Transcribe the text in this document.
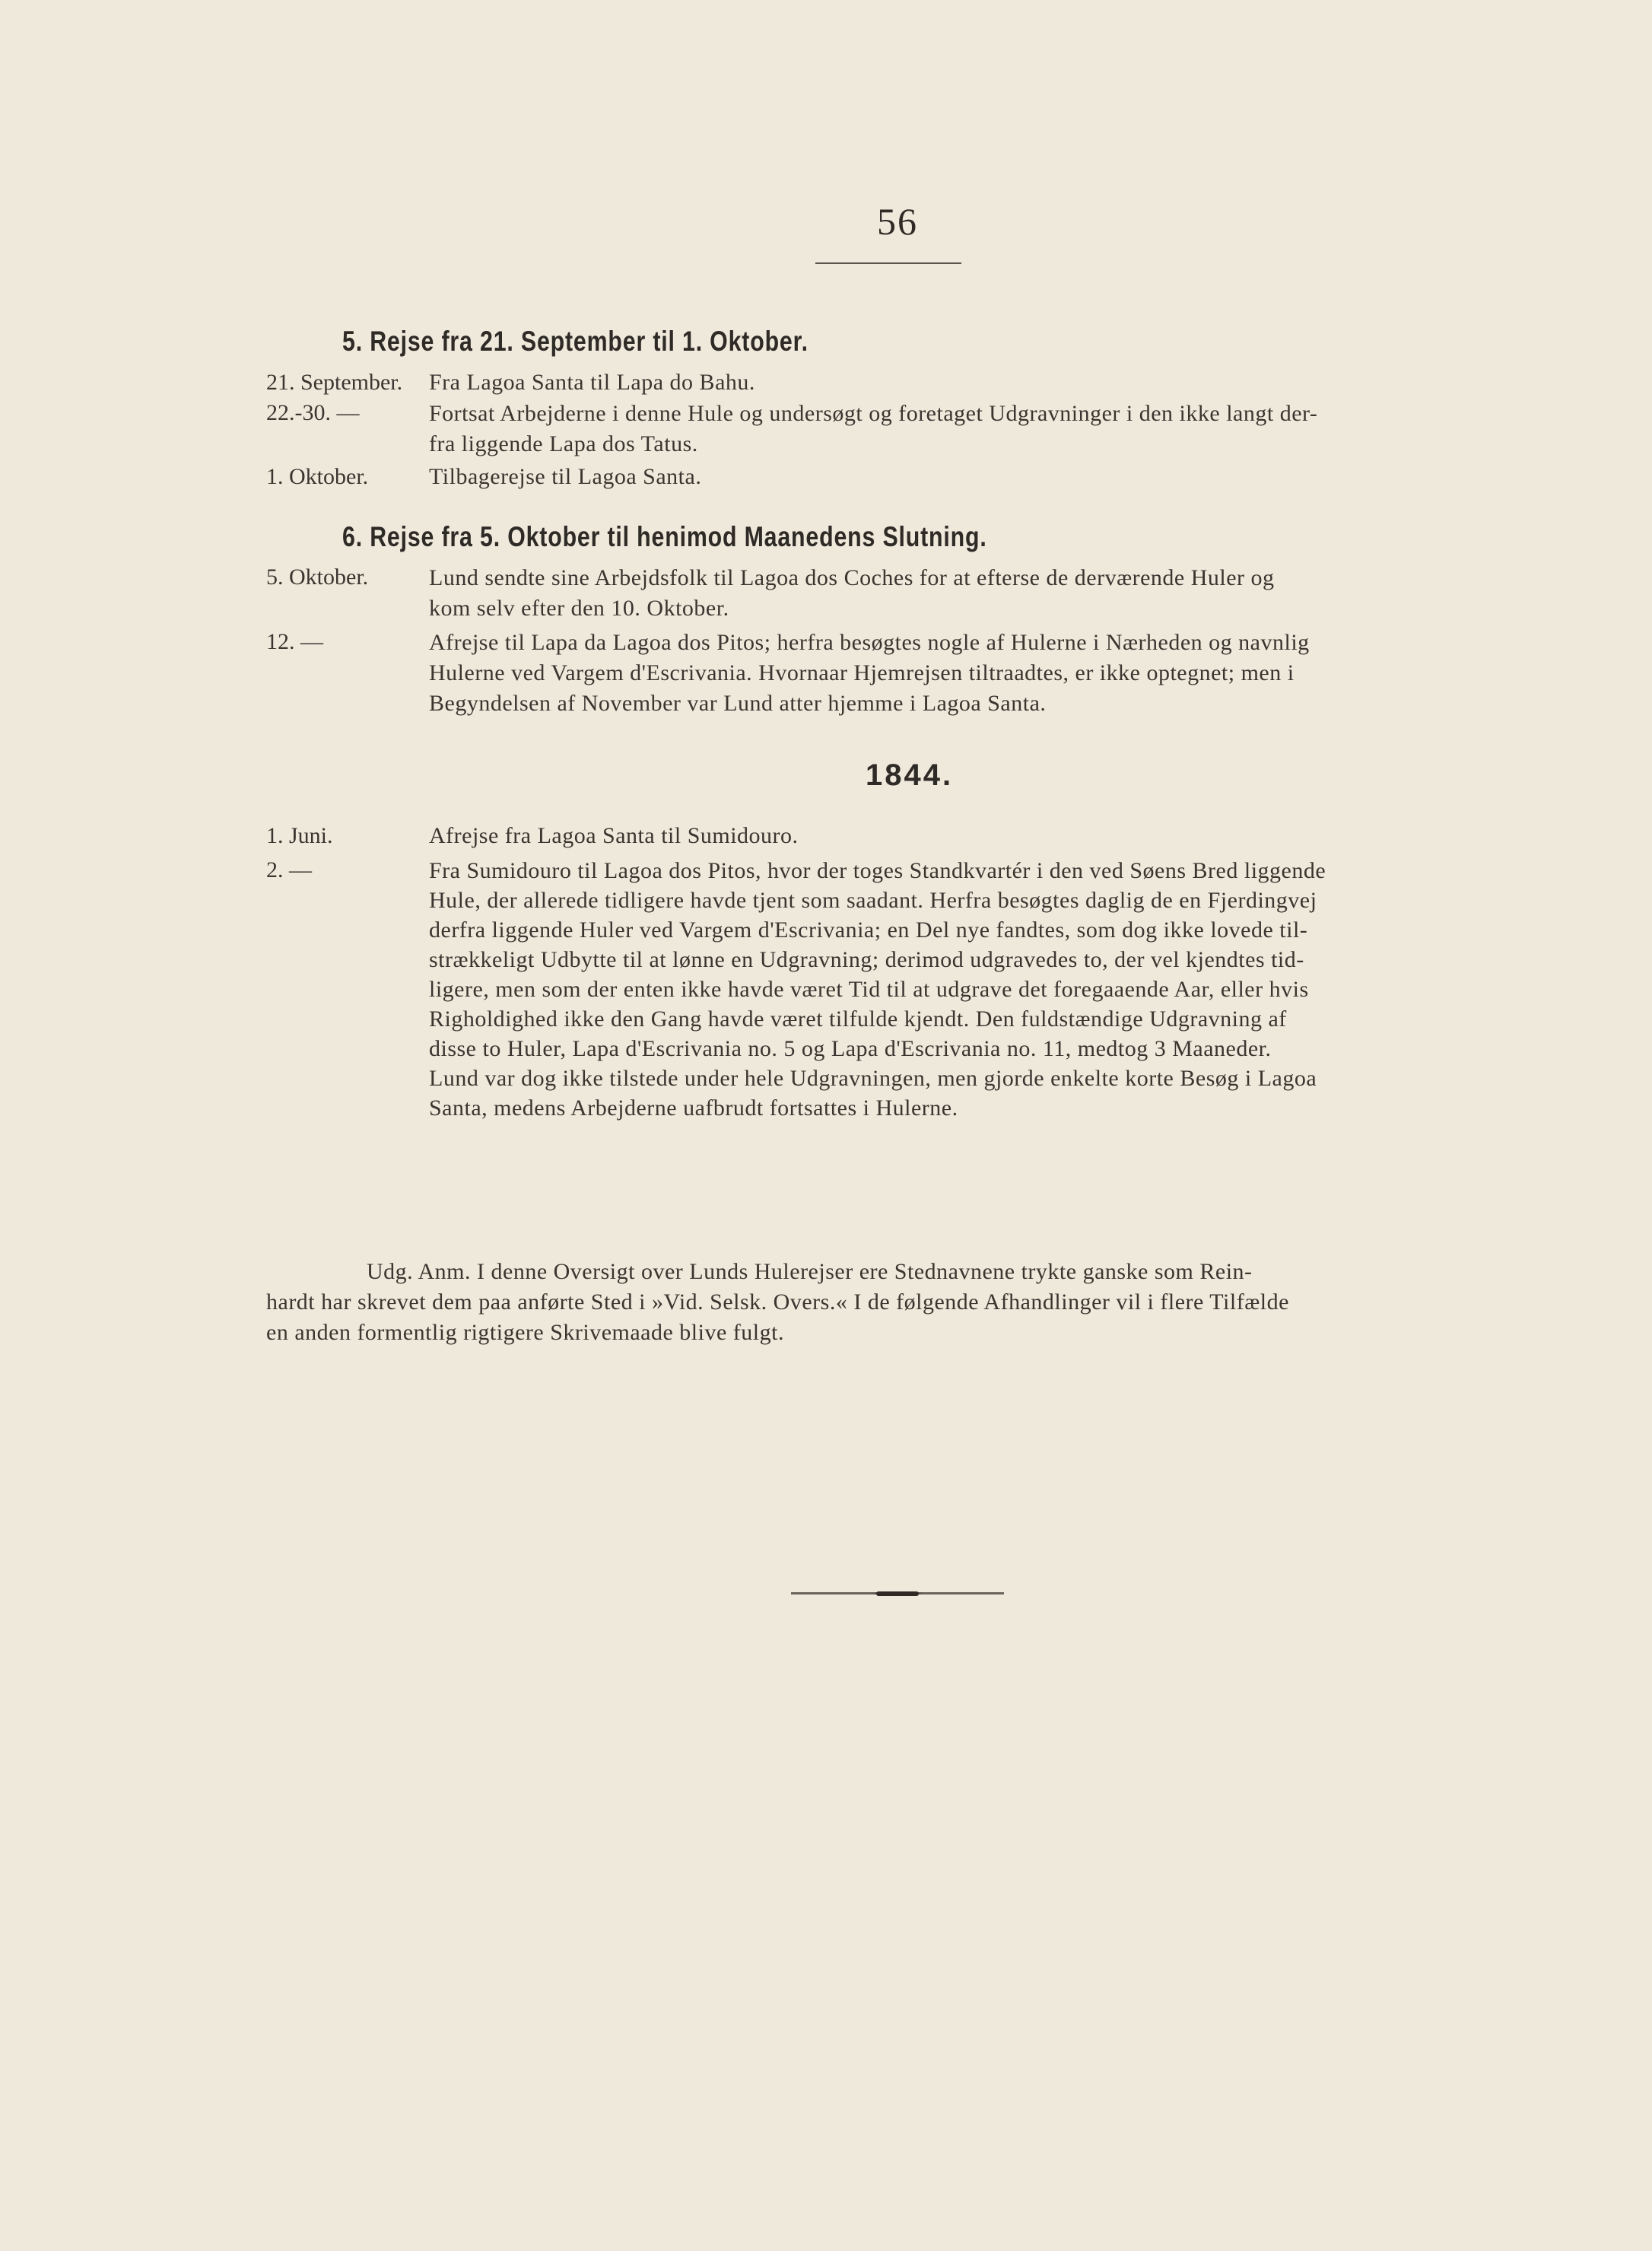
56
5. Rejse fra 21. September til 1. Oktober.
21. September.	Fra Lagoa Santa til Lapa do Bahu.
22.-30. —	Fortsat Arbejderne i denne Hule og undersøgt og foretaget Udgravninger i den ikke langt der-
fra liggende Lapa dos Tatus.
1. Oktober.	Tilbagerejse til Lagoa Santa.
6. Rejse fra 5. Oktober til henimod Maanedens Slutning.
5. Oktober.	Lund sendte sine Arbejdsfolk til Lagoa dos Coches for at efterse de derværende Huler og
kom selv efter den 10. Oktober.
12. —	Afrejse til Lapa da Lagoa dos Pitos; herfra besøgtes nogle af Hulerne i Nærheden og navnlig
Hulerne ved Vargem d'Escrivania. Hvornaar Hjemrejsen tiltraadtes, er ikke optegnet; men i
Begyndelsen af November var Lund atter hjemme i Lagoa Santa.
1844.
1. Juni.	Afrejse fra Lagoa Santa til Sumidouro.
2. —	Fra Sumidouro til Lagoa dos Pitos, hvor der toges Standkvartér i den ved Søens Bred liggende
Hule, der allerede tidligere havde tjent som saadant. Herfra besøgtes daglig de en Fjerdingvej
derfra liggende Huler ved Vargem d'Escrivania; en Del nye fandtes, som dog ikke lovede til-
strækkeligt Udbytte til at lønne en Udgravning; derimod udgravedes to, der vel kjendtes tid-
ligere, men som der enten ikke havde været Tid til at udgrave det foregaaende Aar, eller hvis
Righoldighed ikke den Gang havde været tilfulde kjendt. Den fuldstændige Udgravning af
disse to Huler, Lapa d'Escrivania no. 5 og Lapa d'Escrivania no. 11, medtog 3 Maaneder.
Lund var dog ikke tilstede under hele Udgravningen, men gjorde enkelte korte Besøg i Lagoa
Santa, medens Arbejderne uafbrudt fortsattes i Hulerne.
Udg. Anm. I denne Oversigt over Lunds Hulerejser ere Stednavnene trykte ganske som Rein-
hardt har skrevet dem paa anførte Sted i »Vid. Selsk. Overs.« I de følgende Afhandlinger vil i flere Tilfælde
en anden formentlig rigtigere Skrivemaade blive fulgt.
